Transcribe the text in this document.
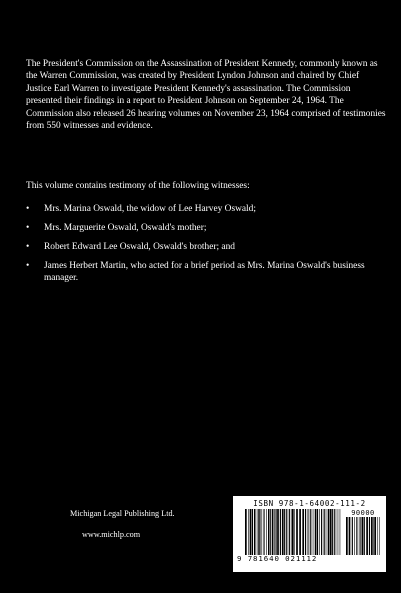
The President's Commission on the Assassination of President Kennedy, commonly known as the Warren Commission, was created by President Lyndon Johnson and chaired by Chief Justice Earl Warren to investigate President Kennedy's assassination. The Commission presented their findings in a report to President Johnson on September 24, 1964. The Commission also released 26 hearing volumes on November 23, 1964 comprised of testimonies from 550 witnesses and evidence.

This volume contains testimony of the following witnesses:

• Mrs. Marina Oswald, the widow of Lee Harvey Oswald;
• Mrs. Marguerite Oswald, Oswald's mother;
• Robert Edward Lee Oswald, Oswald's brother; and
• James Herbert Martin, who acted for a brief period as Mrs. Marina Oswald's business manager.

Michigan Legal Publishing Ltd.

www.michlp.com

ISBN 978-1-64002-111-2

90000
9 781640 021112
